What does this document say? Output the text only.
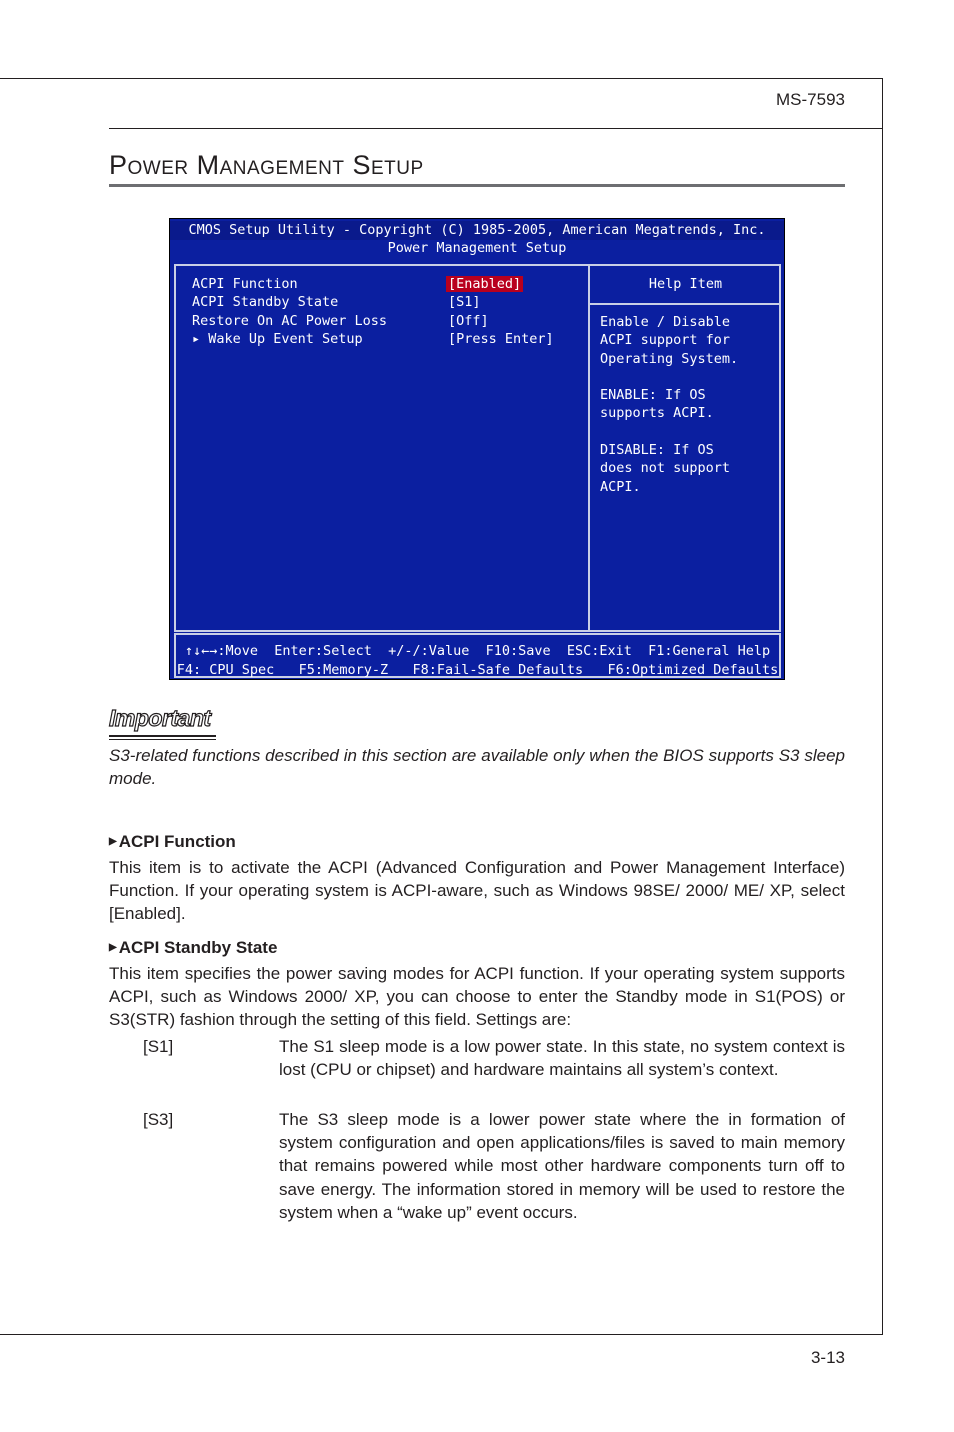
MS-7593
Power Management Setup
CMOS Setup Utility - Copyright (C) 1985-2005, American Megatrends, Inc.
Power Management Setup
ACPI Function	[Enabled]
ACPI Standby State	[S1]
Restore On AC Power Loss	[Off]
▸ Wake Up Event Setup	[Press Enter]
Help Item
Enable / Disable
ACPI support for
Operating System.

ENABLE: If OS
supports ACPI.

DISABLE: If OS
does not support
ACPI.
↑↓←→:Move  Enter:Select  +/-/:Value  F10:Save  ESC:Exit  F1:General Help
F4: CPU Spec   F5:Memory-Z   F8:Fail-Safe Defaults   F6:Optimized Defaults
Important
S3-related functions described in this section are available only when the BIOS supports S3 sleep mode.
▶ ACPI Function
This item is to activate the ACPI (Advanced Configuration and Power Management Interface) Function. If your operating system is ACPI-aware, such as Windows 98SE/ 2000/ ME/ XP, select [Enabled].
▶ ACPI Standby State
This item specifies the power saving modes for ACPI function. If your operating system supports ACPI, such as Windows 2000/ XP, you can choose to enter the Standby mode in S1(POS) or S3(STR) fashion through the setting of this field. Settings are:
[S1]	The S1 sleep mode is a low power state. In this state, no system context is lost (CPU or chipset) and hardware maintains all system’s context.
[S3]	The S3 sleep mode is a lower power state where the in formation of system configuration and open applications/files is saved to main memory that remains powered while most other hardware components turn off to save energy. The information stored in memory will be used to restore the system when a “wake up” event occurs.
3-13
